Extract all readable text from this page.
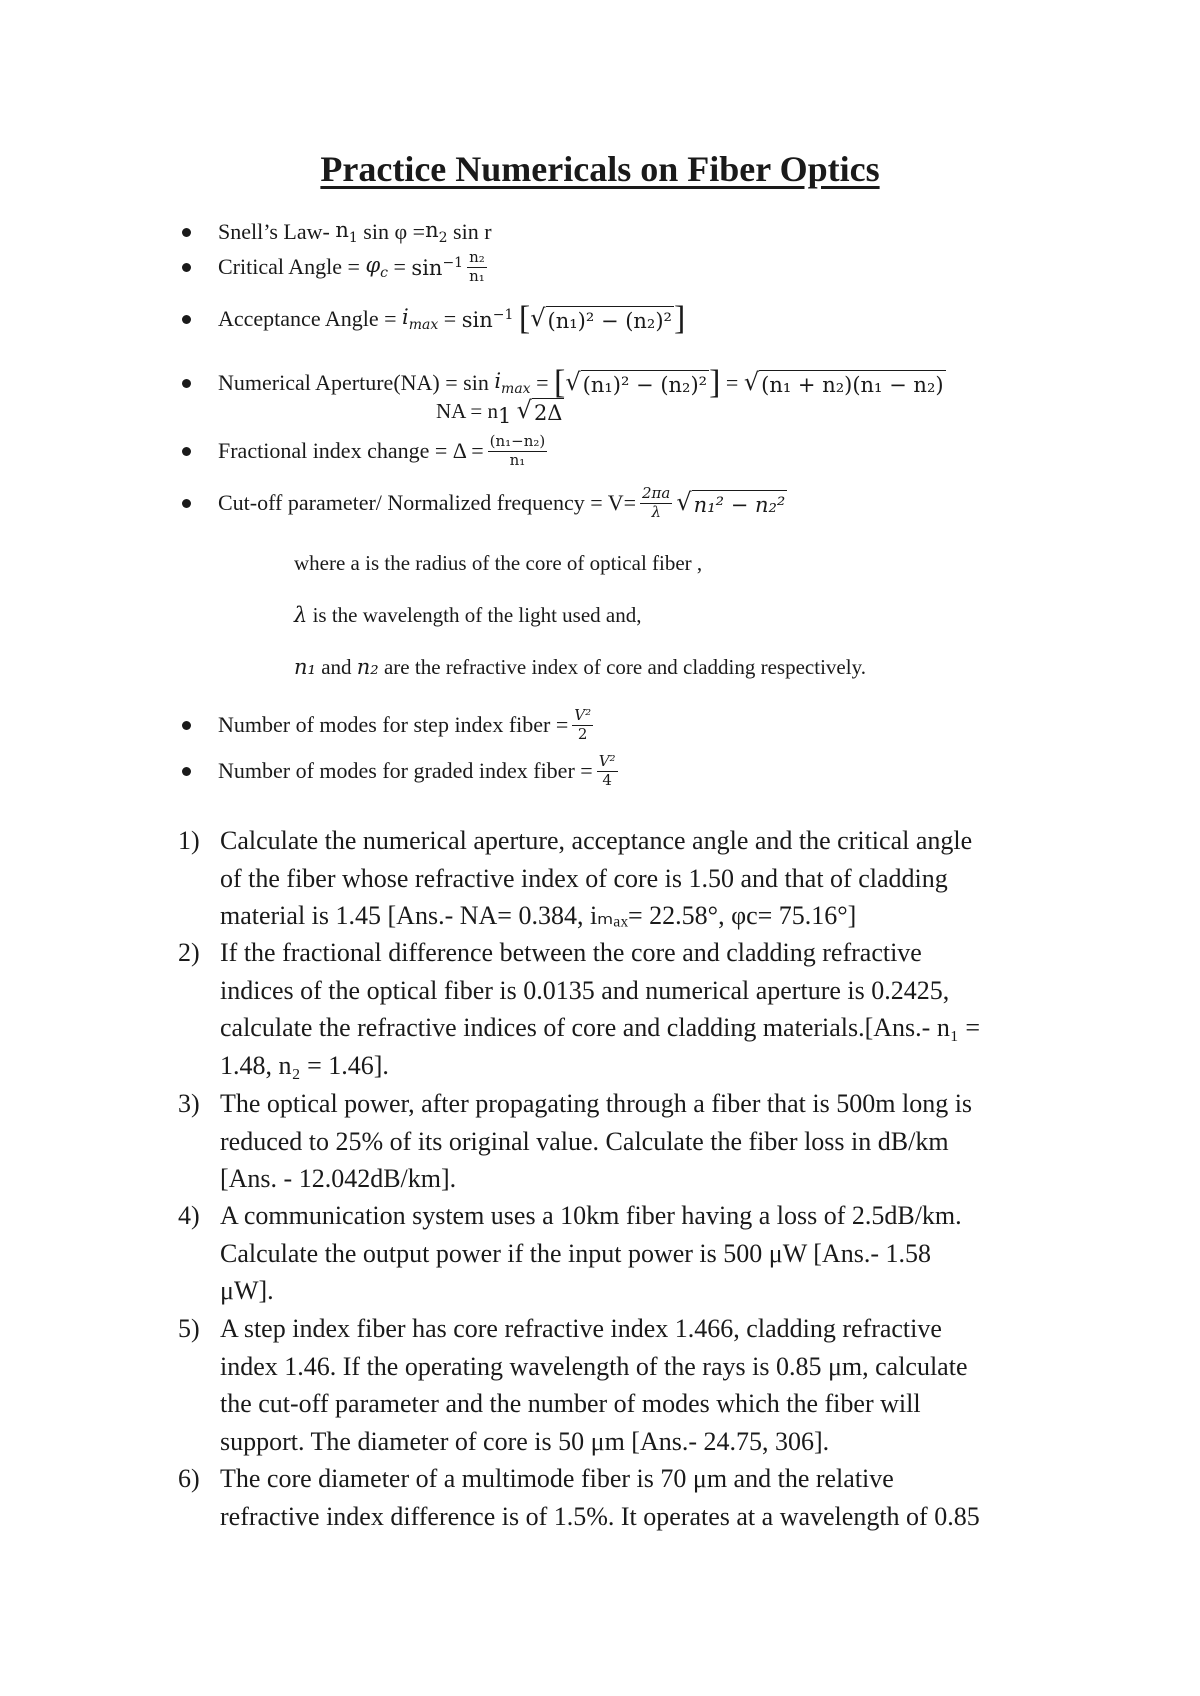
Practice Numericals on Fiber Optics
Snell’s Law-
$n_1$
$\sin \varphi = n_2$
sin r
Critical Angle =
$\varphi_c$
=
$\sin^{-1} \frac{\text{n₂}}{\text{n₁}}$
Acceptance Angle =
$i_{max}$
=
$\sin^{-1}$
[ √ (n₁)² − (n₂)² ]
Numerical Aperture(NA) = sin
$i_{max}$
=
[ √ (n₁)² − (n₂)² ]
=
√ (n₁ + n₂)(n₁ − n₂)
NA = $n_1$ √ 2Δ
Fractional index change = $\Delta = \frac{\text{(n₁−n₂)}}{\text{n₁}}$
Cut-off parameter/ Normalized frequency = $V= \frac{2\pi a}{\lambda}$ √ n₁² − n₂²
where a is the radius of the core of optical fiber ,
λ is the wavelength of the light used and,
n₁ and n₂ are the refractive index of core and cladding respectively.
Number of modes for step index fiber = $\frac{\text{V²}}{2}$
Number of modes for graded index fiber = $\frac{\text{V²}}{4}$
1) Calculate the numerical aperture, acceptance angle and the critical angle
of the fiber whose refractive index of core is 1.50 and that of cladding
material is 1.45 [Ans.- NA= 0.384, iₘₐₓ= 22.58°, φc= 75.16°]
2) If the fractional difference between the core and cladding refractive
indices of the optical fiber is 0.0135 and numerical aperture is 0.2425,
calculate the refractive indices of core and cladding materials.[Ans.- n₁ =
1.48, n₂ = 1.46].
3) The optical power, after propagating through a fiber that is 500m long is
reduced to 25% of its original value. Calculate the fiber loss in dB/km
[Ans. - 12.042dB/km].
4) A communication system uses a 10km fiber having a loss of 2.5dB/km.
Calculate the output power if the input power is 500 μW [Ans.- 1.58
μW].
5) A step index fiber has core refractive index 1.466, cladding refractive
index 1.46. If the operating wavelength of the rays is 0.85 μm, calculate
the cut-off parameter and the number of modes which the fiber will
support. The diameter of core is 50 μm [Ans.- 24.75, 306].
6) The core diameter of a multimode fiber is 70 μm and the relative
refractive index difference is of 1.5%. It operates at a wavelength of 0.85
